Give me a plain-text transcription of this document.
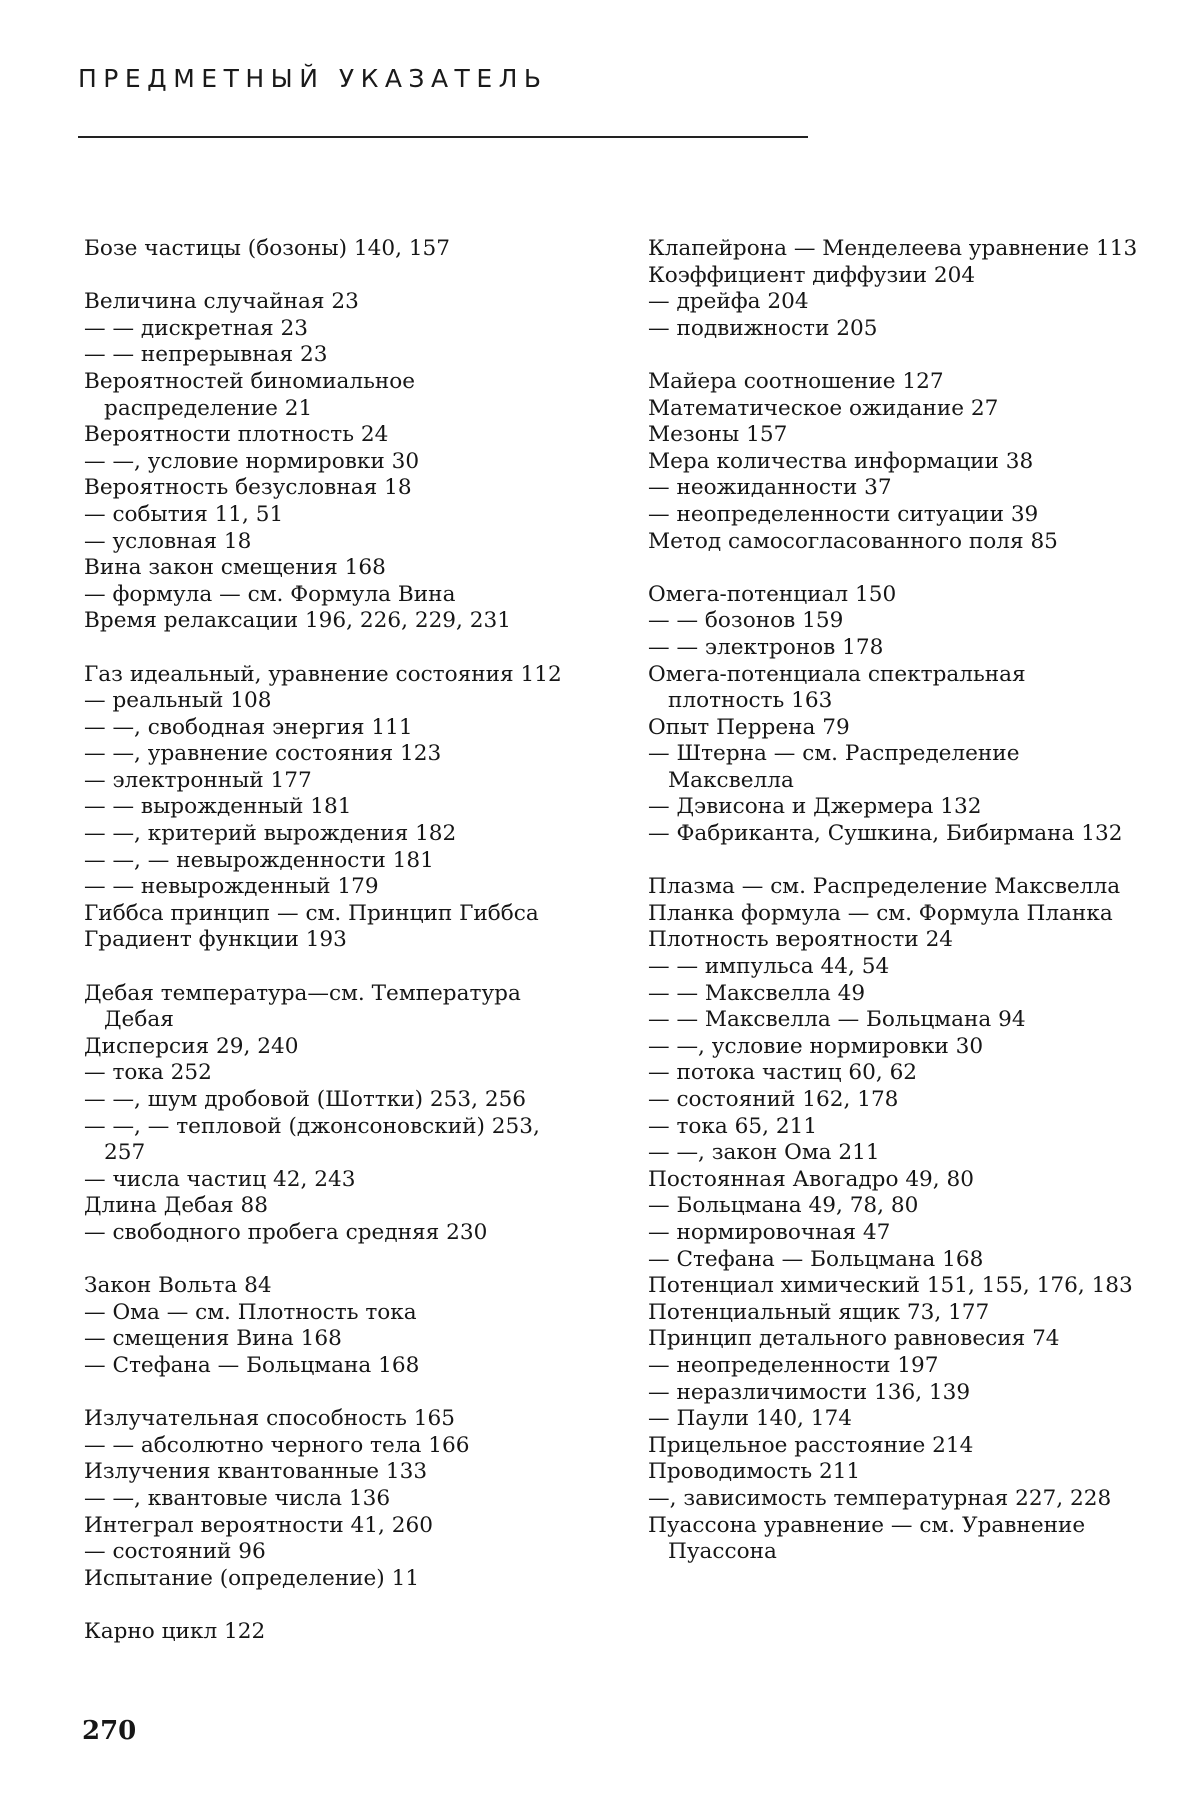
ПРЕДМЕТНЫЙ УКАЗАТЕЛЬ
Бозе частицы (бозоны) 140, 157
Величина случайная 23
— — дискретная 23
— — непрерывная 23
Вероятностей биномиальное распределение 21
Вероятности плотность 24
— —, условие нормировки 30
Вероятность безусловная 18
— события 11, 51
— условная 18
Вина закон смещения 168
— формула — см. Формула Вина
Время релаксации 196, 226, 229, 231
Газ идеальный, уравнение состояния 112
— реальный 108
— —, свободная энергия 111
— —, уравнение состояния 123
— электронный 177
— — вырожденный 181
— —, критерий вырождения 182
— —, — невырожденности 181
— — невырожденный 179
Гиббса принцип — см. Принцип Гиббса
Градиент функции 193
Дебая температура—см. Температура Дебая
Дисперсия 29, 240
— тока 252
— —, шум дробовой (Шоттки) 253, 256
— —, — тепловой (джонсоновский) 253, 257
— числа частиц 42, 243
Длина Дебая 88
— свободного пробега средняя 230
Закон Вольта 84
— Ома — см. Плотность тока
— смещения Вина 168
— Стефана — Больцмана 168
Излучательная способность 165
— — абсолютно черного тела 166
Излучения квантованные 133
— —, квантовые числа 136
Интеграл вероятности 41, 260
— состояний 96
Испытание (определение) 11
Карно цикл 122
Клапейрона — Менделеева уравнение 113
Коэффициент диффузии 204
— дрейфа 204
— подвижности 205
Майера соотношение 127
Математическое ожидание 27
Мезоны 157
Мера количества информации 38
— неожиданности 37
— неопределенности ситуации 39
Метод самосогласованного поля 85
Омега-потенциал 150
— — бозонов 159
— — электронов 178
Омега-потенциала спектральная плотность 163
Опыт Перрена 79
— Штерна — см. Распределение Максвелла
— Дэвисона и Джермера 132
— Фабриканта, Сушкина, Бибирмана 132
Плазма — см. Распределение Максвелла
Планка формула — см. Формула Планка
Плотность вероятности 24
— — импульса 44, 54
— — Максвелла 49
— — Максвелла — Больцмана 94
— —, условие нормировки 30
— потока частиц 60, 62
— состояний 162, 178
— тока 65, 211
— —, закон Ома 211
Постоянная Авогадро 49, 80
— Больцмана 49, 78, 80
— нормировочная 47
— Стефана — Больцмана 168
Потенциал химический 151, 155, 176, 183
Потенциальный ящик 73, 177
Принцип детального равновесия 74
— неопределенности 197
— неразличимости 136, 139
— Паули 140, 174
Прицельное расстояние 214
Проводимость 211
—, зависимость температурная 227, 228
Пуассона уравнение — см. Уравнение Пуассона
270
